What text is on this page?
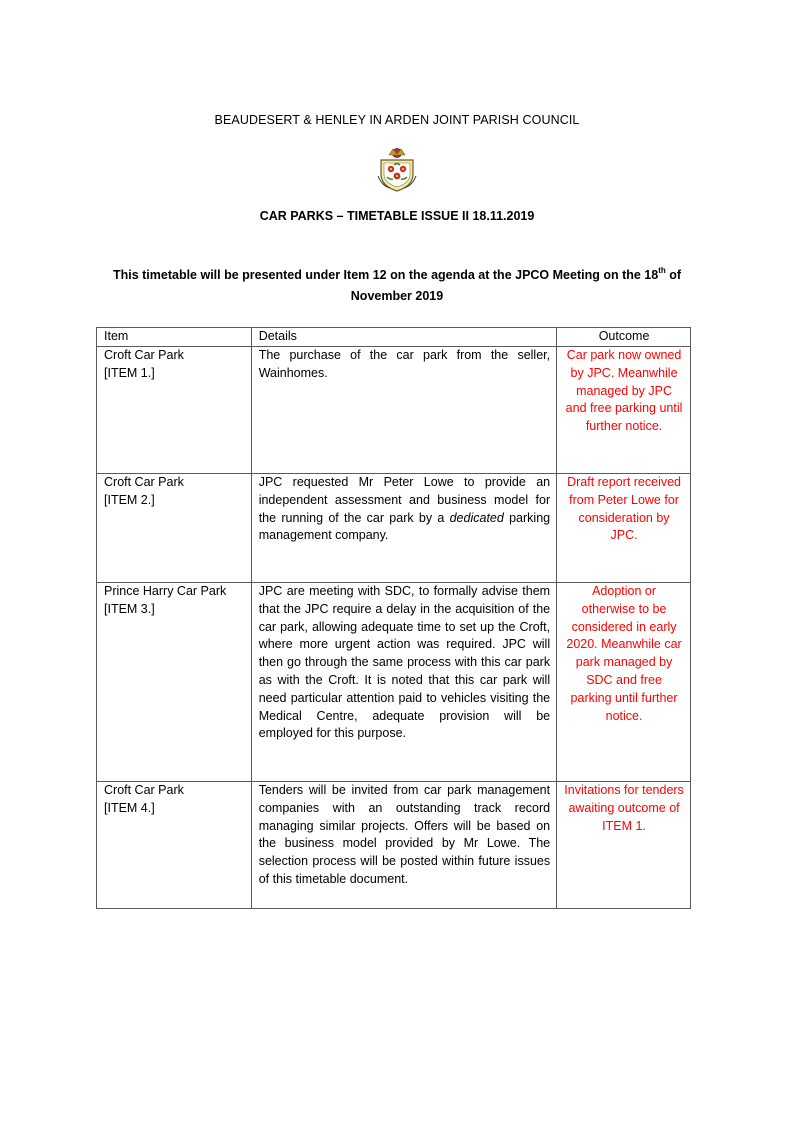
BEAUDESERT & HENLEY IN ARDEN JOINT PARISH COUNCIL
CAR PARKS – TIMETABLE ISSUE II 18.11.2019
This timetable will be presented under Item 12 on the agenda at the JPCO Meeting on the 18th of November 2019
Item	Details	Outcome

Croft Car Park
[ITEM 1.]	The purchase of the car park from the seller, Wainhomes.	Car park now owned by JPC. Meanwhile managed by JPC and free parking until further notice.

Croft Car Park
[ITEM 2.]	JPC requested Mr Peter Lowe to provide an independent assessment and business model for the running of the car park by a dedicated parking management company.	Draft report received from Peter Lowe for consideration by JPC.

Prince Harry Car Park
[ITEM 3.]	JPC are meeting with SDC, to formally advise them that the JPC require a delay in the acquisition of the car park, allowing adequate time to set up the Croft, where more urgent action was required. JPC will then go through the same process with this car park as with the Croft. It is noted that this car park will need particular attention paid to vehicles visiting the Medical Centre, adequate provision will be employed for this purpose.	Adoption or otherwise to be considered in early 2020. Meanwhile car park managed by SDC and free parking until further notice.

Croft Car Park
[ITEM 4.]	Tenders will be invited from car park management companies with an outstanding track record managing similar projects. Offers will be based on the business model provided by Mr Lowe. The selection process will be posted within future issues of this timetable document.	Invitations for tenders awaiting outcome of ITEM 1.
